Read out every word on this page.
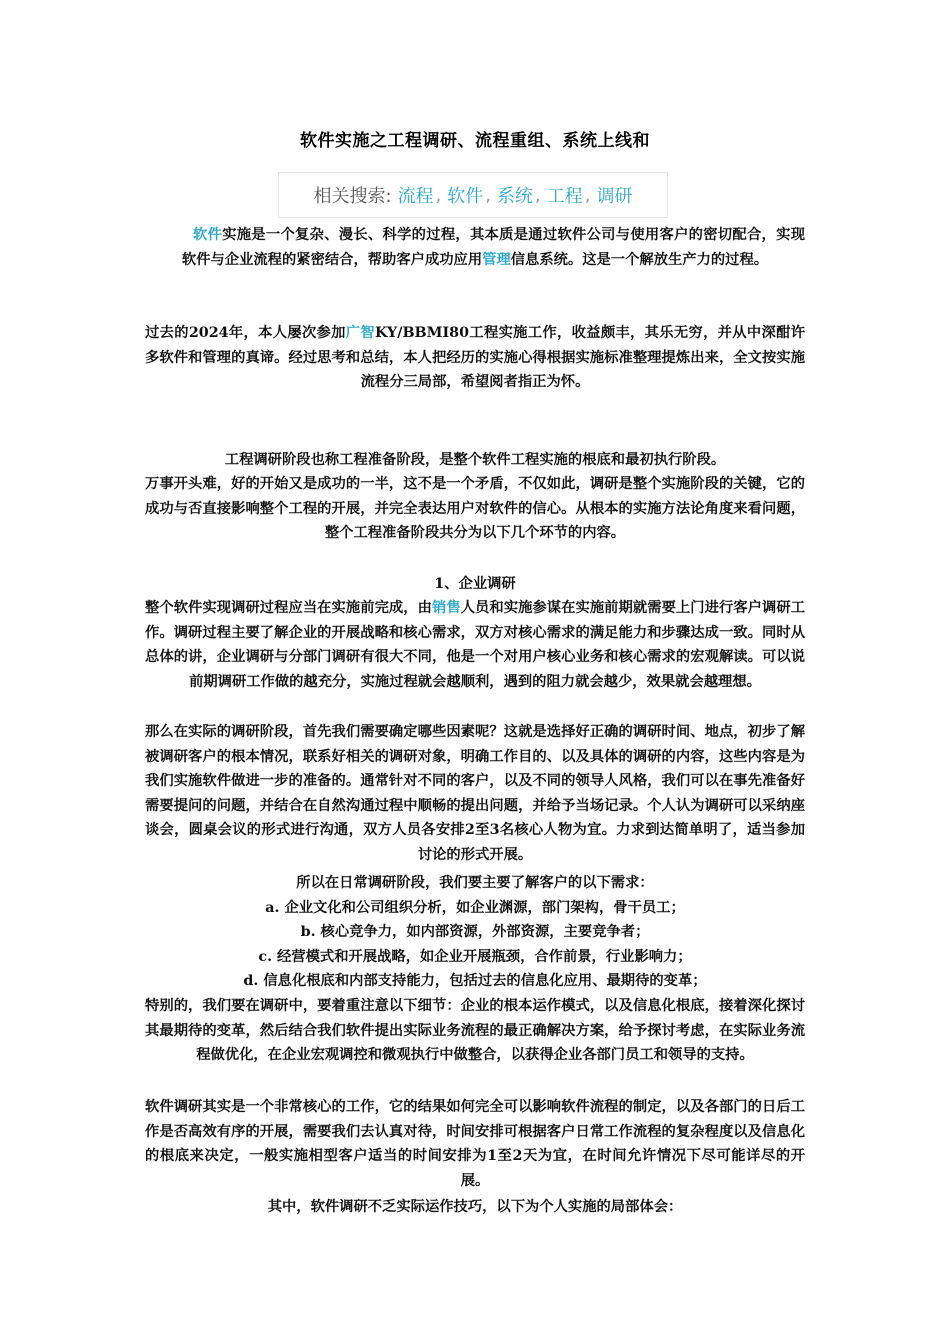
软件实施之工程调研、流程重组、系统上线和
相关搜索: 流程 , 软件 , 系统 , 工程 , 调研
软件实施是一个复杂、漫长、科学的过程，其本质是通过软件公司与使用客户的密切配合，实现软件与企业流程的紧密结合，帮助客户成功应用管理信息系统。这是一个解放生产力的过程。
过去的2024年，本人屡次参加广智KY/BBMI80工程实施工作，收益颇丰，其乐无穷，并从中深酣许多软件和管理的真谛。经过思考和总结，本人把经历的实施心得根据实施标准整理提炼出来，全文按实施流程分三局部，希望阅者指正为怀。
工程调研阶段也称工程准备阶段，是整个软件工程实施的根底和最初执行阶段。
万事开头难，好的开始又是成功的一半，这不是一个矛盾，不仅如此，调研是整个实施阶段的关键，它的成功与否直接影响整个工程的开展，并完全表达用户对软件的信心。从根本的实施方法论角度来看问题，整个工程准备阶段共分为以下几个环节的内容。
1、企业调研
整个软件实现调研过程应当在实施前完成，由销售人员和实施参谋在实施前期就需要上门进行客户调研工作。调研过程主要了解企业的开展战略和核心需求，双方对核心需求的满足能力和步骤达成一致。同时从总体的讲，企业调研与分部门调研有很大不同，他是一个对用户核心业务和核心需求的宏观解读。可以说前期调研工作做的越充分，实施过程就会越顺利，遇到的阻力就会越少，效果就会越理想。
那么在实际的调研阶段，首先我们需要确定哪些因素呢？这就是选择好正确的调研时间、地点，初步了解被调研客户的根本情况，联系好相关的调研对象，明确工作目的、以及具体的调研的内容，这些内容是为我们实施软件做进一步的准备的。通常针对不同的客户，以及不同的领导人风格，我们可以在事先准备好需要提问的问题，并结合在自然沟通过程中顺畅的提出问题，并给予当场记录。个人认为调研可以采纳座谈会，圆桌会议的形式进行沟通，双方人员各安排2至3名核心人物为宜。力求到达简单明了，适当参加讨论的形式开展。
所以在日常调研阶段，我们要主要了解客户的以下需求：
a. 企业文化和公司组织分析，如企业渊源，部门架构，骨干员工；
b. 核心竞争力，如内部资源，外部资源，主要竞争者；
c. 经营模式和开展战略，如企业开展瓶颈，合作前景，行业影响力；
d. 信息化根底和内部支持能力，包括过去的信息化应用、最期待的变革；
特别的，我们要在调研中，要着重注意以下细节：企业的根本运作模式，以及信息化根底，接着深化探讨其最期待的变革，然后结合我们软件提出实际业务流程的最正确解决方案，给予探讨考虑，在实际业务流程做优化，在企业宏观调控和微观执行中做整合，以获得企业各部门员工和领导的支持。
软件调研其实是一个非常核心的工作，它的结果如何完全可以影响软件流程的制定，以及各部门的日后工作是否高效有序的开展，需要我们去认真对待，时间安排可根据客户日常工作流程的复杂程度以及信息化的根底来决定，一般实施相型客户适当的时间安排为1至2天为宜，在时间允许情况下尽可能详尽的开展。
其中，软件调研不乏实际运作技巧，以下为个人实施的局部体会：
